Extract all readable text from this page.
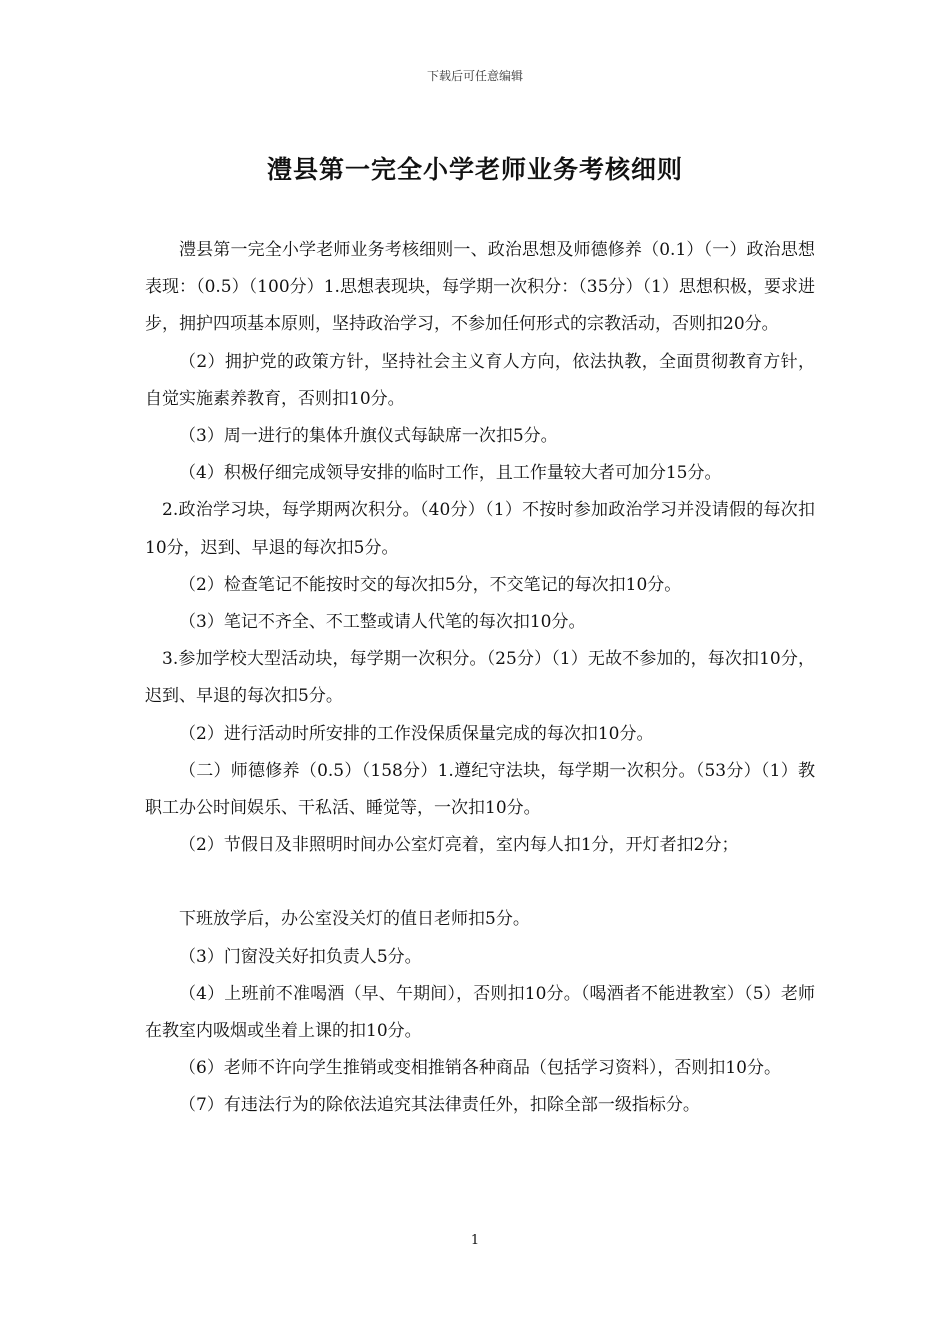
下载后可任意编辑
澧县第一完全小学老师业务考核细则

澧县第一完全小学老师业务考核细则一、政治思想及师德修养（0.1）（一）政治思想表现：（0.5）（100分）1.思想表现块，每学期一次积分：（35分）（1）思想积极，要求进步，拥护四项基本原则，坚持政治学习，不参加任何形式的宗教活动，否则扣20分。

（2）拥护党的政策方针，坚持社会主义育人方向，依法执教，全面贯彻教育方针，自觉实施素养教育，否则扣10分。

（3）周一进行的集体升旗仪式每缺席一次扣5分。

（4）积极仔细完成领导安排的临时工作，且工作量较大者可加分15分。

2.政治学习块，每学期两次积分。（40分）（1）不按时参加政治学习并没请假的每次扣10分，迟到、早退的每次扣5分。

（2）检查笔记不能按时交的每次扣5分，不交笔记的每次扣10分。

（3）笔记不齐全、不工整或请人代笔的每次扣10分。

3.参加学校大型活动块，每学期一次积分。（25分）（1）无故不参加的，每次扣10分，迟到、早退的每次扣5分。

（2）进行活动时所安排的工作没保质保量完成的每次扣10分。

（二）师德修养（0.5）（158分）1.遵纪守法块，每学期一次积分。（53分）（1）教职工办公时间娱乐、干私活、睡觉等，一次扣10分。

（2）节假日及非照明时间办公室灯亮着，室内每人扣1分，开灯者扣2分；

下班放学后，办公室没关灯的值日老师扣5分。

（3）门窗没关好扣负责人5分。

（4）上班前不准喝酒（早、午期间），否则扣10分。（喝酒者不能进教室）（5）老师在教室内吸烟或坐着上课的扣10分。

（6）老师不许向学生推销或变相推销各种商品（包括学习资料），否则扣10分。

（7）有违法行为的除依法追究其法律责任外，扣除全部一级指标分。

1
